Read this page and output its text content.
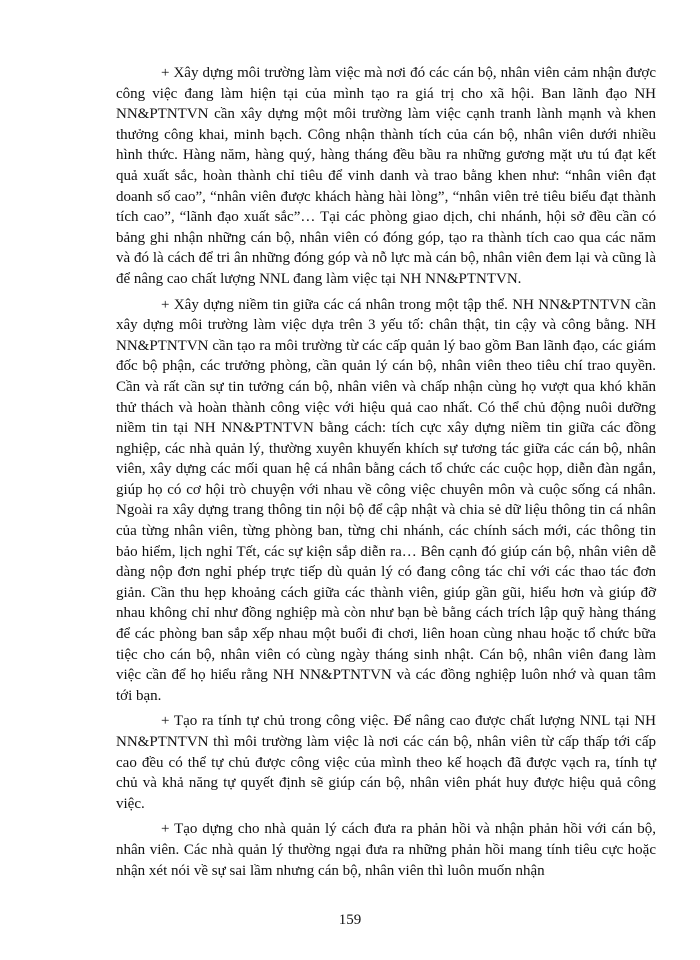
+ Xây dựng môi trường làm việc mà nơi đó các cán bộ, nhân viên cảm nhận được công việc đang làm hiện tại của mình tạo ra giá trị cho xã hội. Ban lãnh đạo NH NN&PTNTVN cần xây dựng một môi trường làm việc cạnh tranh lành mạnh và khen thưởng công khai, minh bạch. Công nhận thành tích của cán bộ, nhân viên dưới nhiều hình thức. Hàng năm, hàng quý, hàng tháng đều bầu ra những gương mặt ưu tú đạt kết quả xuất sắc, hoàn thành chỉ tiêu để vinh danh và trao bằng khen như: “nhân viên đạt doanh số cao”, “nhân viên được khách hàng hài lòng”, “nhân viên trẻ tiêu biểu đạt thành tích cao”, “lãnh đạo xuất sắc”… Tại các phòng giao dịch, chi nhánh, hội sở đều cần có bảng ghi nhận những cán bộ, nhân viên có đóng góp, tạo ra thành tích cao qua các năm và đó là cách để tri ân những đóng góp và nỗ lực mà cán bộ, nhân viên đem lại và cũng là để nâng cao chất lượng NNL đang làm việc tại NH NN&PTNTVN.

+ Xây dựng niềm tin giữa các cá nhân trong một tập thể. NH NN&PTNTVN cần xây dựng môi trường làm việc dựa trên 3 yếu tố: chân thật, tin cậy và công bằng. NH NN&PTNTVN cần tạo ra môi trường từ các cấp quản lý bao gồm Ban lãnh đạo, các giám đốc bộ phận, các trưởng phòng, cần quản lý cán bộ, nhân viên theo tiêu chí trao quyền. Cần và rất cần sự tin tưởng cán bộ, nhân viên và chấp nhận cùng họ vượt qua khó khăn thử thách và hoàn thành công việc với hiệu quả cao nhất. Có thể chủ động nuôi dưỡng niềm tin tại NH NN&PTNTVN bằng cách: tích cực xây dựng niềm tin giữa các đồng nghiệp, các nhà quản lý, thường xuyên khuyến khích sự tương tác giữa các cán bộ, nhân viên, xây dựng các mối quan hệ cá nhân bằng cách tổ chức các cuộc họp, diễn đàn ngắn, giúp họ có cơ hội trò chuyện với nhau về công việc chuyên môn và cuộc sống cá nhân. Ngoài ra xây dựng trang thông tin nội bộ để cập nhật và chia sẻ dữ liệu thông tin cá nhân của từng nhân viên, từng phòng ban, từng chi nhánh, các chính sách mới, các thông tin bảo hiểm, lịch nghỉ Tết, các sự kiện sắp diễn ra… Bên cạnh đó giúp cán bộ, nhân viên dễ dàng nộp đơn nghỉ phép trực tiếp dù quản lý có đang công tác chỉ với các thao tác đơn giản. Cần thu hẹp khoảng cách giữa các thành viên, giúp gần gũi, hiểu hơn và giúp đỡ nhau không chỉ như đồng nghiệp mà còn như bạn bè bằng cách trích lập quỹ hàng tháng để các phòng ban sắp xếp nhau một buổi đi chơi, liên hoan cùng nhau hoặc tổ chức bữa tiệc cho cán bộ, nhân viên có cùng ngày tháng sinh nhật. Cán bộ, nhân viên đang làm việc cần để họ hiểu rằng NH NN&PTNTVN và các đồng nghiệp luôn nhớ và quan tâm tới bạn.

+ Tạo ra tính tự chủ trong công việc. Để nâng cao được chất lượng NNL tại NH NN&PTNTVN thì môi trường làm việc là nơi các cán bộ, nhân viên từ cấp thấp tới cấp cao đều có thể tự chủ được công việc của mình theo kế hoạch đã được vạch ra, tính tự chủ và khả năng tự quyết định sẽ giúp cán bộ, nhân viên phát huy được hiệu quả công việc.

+ Tạo dựng cho nhà quản lý cách đưa ra phản hồi và nhận phản hồi với cán bộ, nhân viên. Các nhà quản lý thường ngại đưa ra những phản hồi mang tính tiêu cực hoặc nhận xét nói về sự sai lầm nhưng cán bộ, nhân viên thì luôn muốn nhận

159
